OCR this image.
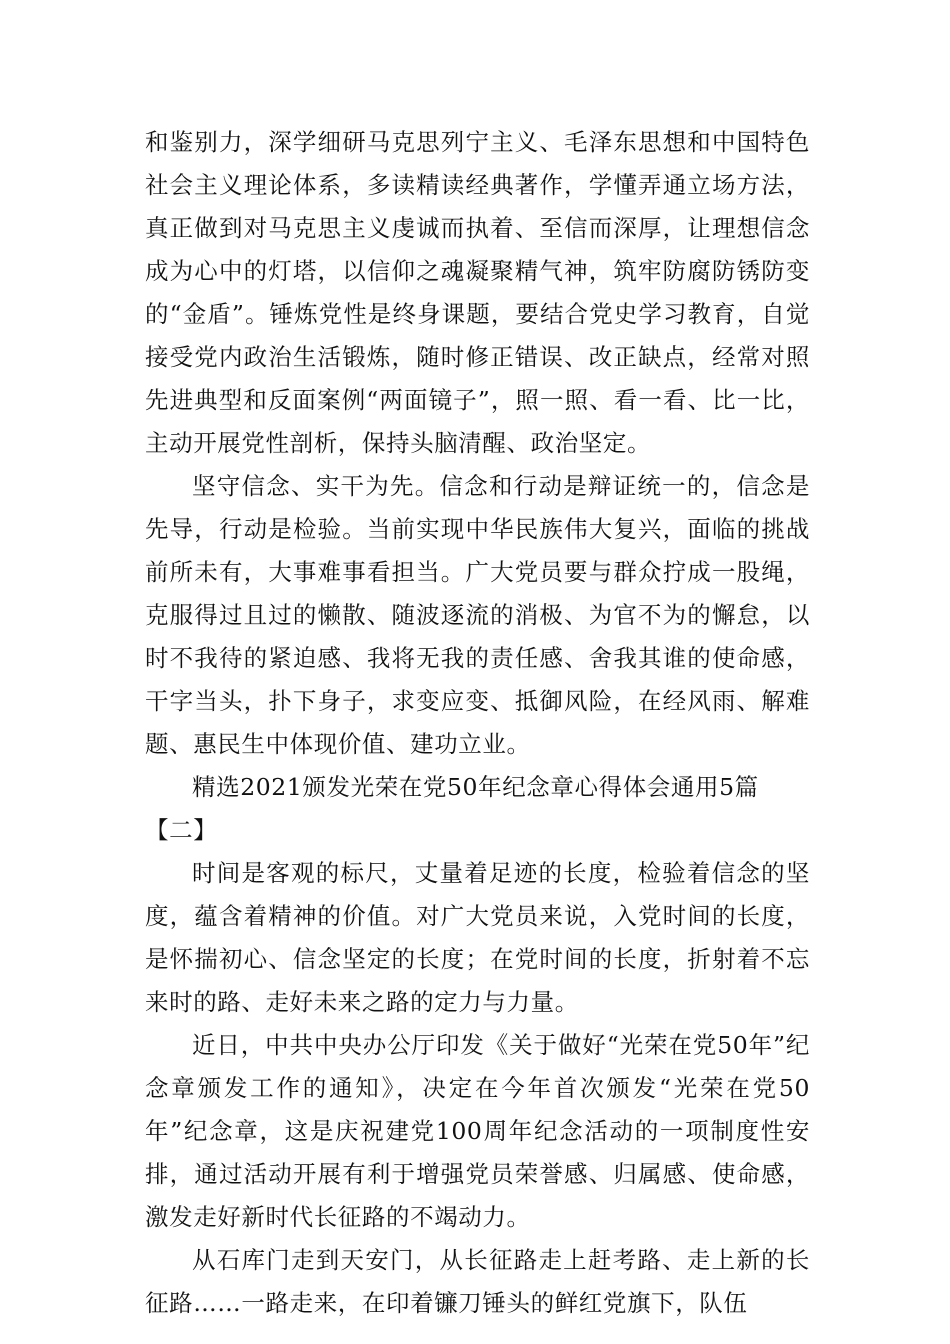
和鉴别力，深学细研马克思列宁主义、毛泽东思想和中国特色社会主义理论体系，多读精读经典著作，学懂弄通立场方法，真正做到对马克思主义虔诚而执着、至信而深厚，让理想信念成为心中的灯塔，以信仰之魂凝聚精气神，筑牢防腐防锈防变的“金盾”。锤炼党性是终身课题，要结合党史学习教育，自觉接受党内政治生活锻炼，随时修正错误、改正缺点，经常对照先进典型和反面案例“两面镜子”，照一照、看一看、比一比，主动开展党性剖析，保持头脑清醒、政治坚定。

坚守信念、实干为先。信念和行动是辩证统一的，信念是先导，行动是检验。当前实现中华民族伟大复兴，面临的挑战前所未有，大事难事看担当。广大党员要与群众拧成一股绳，克服得过且过的懒散、随波逐流的消极、为官不为的懈怠，以时不我待的紧迫感、我将无我的责任感、舍我其谁的使命感，干字当头，扑下身子，求变应变、抵御风险，在经风雨、解难题、惠民生中体现价值、建功立业。

精选2021颁发光荣在党50年纪念章心得体会通用5篇【二】

时间是客观的标尺，丈量着足迹的长度，检验着信念的坚度，蕴含着精神的价值。对广大党员来说，入党时间的长度，是怀揣初心、信念坚定的长度；在党时间的长度，折射着不忘来时的路、走好未来之路的定力与力量。

近日，中共中央办公厅印发《关于做好“光荣在党50年”纪念章颁发工作的通知》，决定在今年首次颁发“光荣在党50年”纪念章，这是庆祝建党100周年纪念活动的一项制度性安排，通过活动开展有利于增强党员荣誉感、归属感、使命感，激发走好新时代长征路的不竭动力。

从石库门走到天安门，从长征路走上赶考路、走上新的长征路……一路走来，在印着镰刀锤头的鲜红党旗下，队伍
